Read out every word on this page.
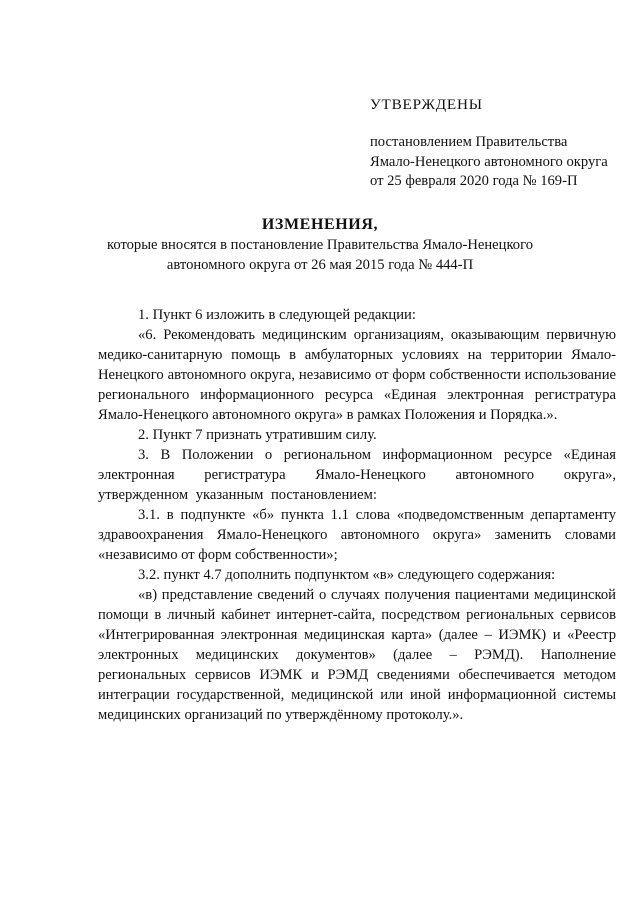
УТВЕРЖДЕНЫ
постановлением Правительства
Ямало-Ненецкого автономного округа
от 25 февраля 2020 года № 169-П
ИЗМЕНЕНИЯ,
которые вносятся в постановление Правительства Ямало-Ненецкого
автономного округа от 26 мая 2015 года № 444-П

1. Пункт 6 изложить в следующей редакции:

«6. Рекомендовать медицинским организациям, оказывающим первичную медико-санитарную помощь в амбулаторных условиях на территории Ямало-Ненецкого автономного округа, независимо от форм собственности использование регионального информационного ресурса «Единая электронная регистратура Ямало-Ненецкого автономного округа» в рамках Положения и Порядка.».

2. Пункт 7 признать утратившим силу.

3. В Положении о региональном информационном ресурсе «Единая электронная регистратура Ямало-Ненецкого автономного округа», утвержденном указанным постановлением:

3.1. в подпункте «б» пункта 1.1 слова «подведомственным департаменту здравоохранения Ямало-Ненецкого автономного округа» заменить словами «независимо от форм собственности»;

3.2. пункт 4.7 дополнить подпунктом «в» следующего содержания:

«в) представление сведений о случаях получения пациентами медицинской помощи в личный кабинет интернет-сайта, посредством региональных сервисов «Интегрированная электронная медицинская карта» (далее – ИЭМК) и «Реестр электронных медицинских документов» (далее – РЭМД). Наполнение региональных сервисов ИЭМК и РЭМД сведениями обеспечивается методом интеграции государственной, медицинской или иной информационной системы медицинских организаций по утверждённому протоколу.».
